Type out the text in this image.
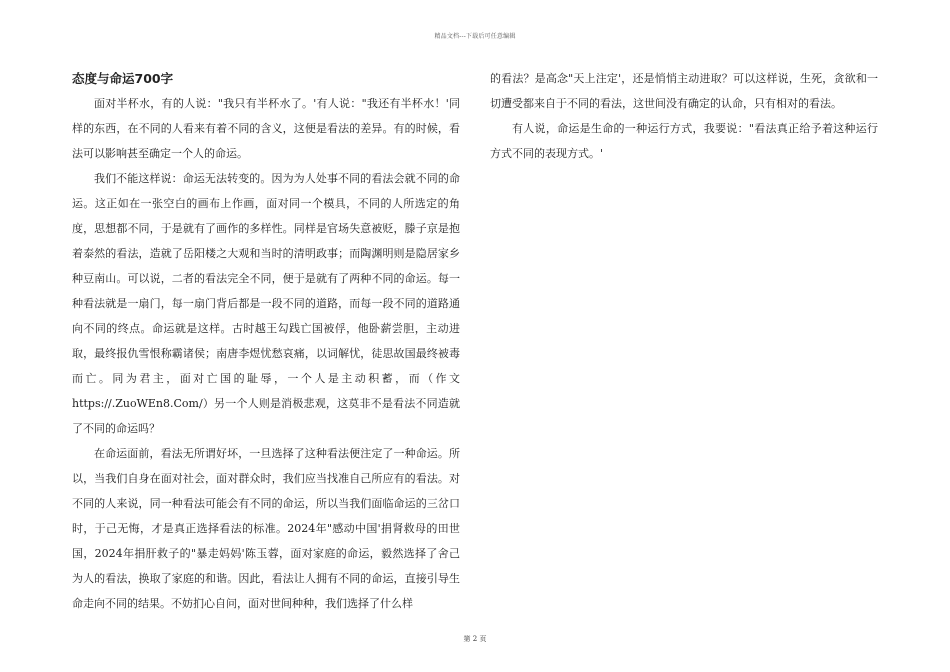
精品文档---下载后可任意编辑
态度与命运700字

面对半杯水，有的人说："我只有半杯水了。'有人说："我还有半杯水！'同样的东西，在不同的人看来有着不同的含义，这便是看法的差异。有的时候，看法可以影响甚至确定一个人的命运。

我们不能这样说：命运无法转变的。因为为人处事不同的看法会就不同的命运。这正如在一张空白的画布上作画，面对同一个模具，不同的人所选定的角度，思想都不同，于是就有了画作的多样性。同样是官场失意被贬，滕子京是抱着泰然的看法，造就了岳阳楼之大观和当时的清明政事；而陶渊明则是隐居家乡种豆南山。可以说，二者的看法完全不同，便于是就有了两种不同的命运。每一种看法就是一扇门，每一扇门背后都是一段不同的道路，而每一段不同的道路通向不同的终点。命运就是这样。古时越王勾践亡国被俘，他卧薪尝胆，主动进取，最终报仇雪恨称霸诸侯；南唐李煜忧愁哀痛，以词解忧，徒思故国最终被毒而亡。同为君主，面对亡国的耻辱，一个人是主动积蓄，而（作文https://.ZuoWEn8.Com/）另一个人则是消极悲观，这莫非不是看法不同造就了不同的命运吗？

在命运面前，看法无所谓好坏，一旦选择了这种看法便注定了一种命运。所以，当我们自身在面对社会，面对群众时，我们应当找准自己所应有的看法。对不同的人来说，同一种看法可能会有不同的命运，所以当我们面临命运的三岔口时，于己无悔，才是真正选择看法的标准。2024年"感动中国'捐肾救母的田世国，2024年捐肝救子的"暴走妈妈'陈玉蓉，面对家庭的命运，毅然选择了舍己为人的看法，换取了家庭的和谐。因此，看法让人拥有不同的命运，直接引导生命走向不同的结果。不妨扪心自问，面对世间种种，我们选择了什么样

的看法？是高念"天上注定'，还是悄悄主动进取？可以这样说，生死，贪欲和一切遭受都来自于不同的看法，这世间没有确定的认命，只有相对的看法。

有人说，命运是生命的一种运行方式，我要说："看法真正给予着这种运行方式不同的表现方式。'

第 2 页
